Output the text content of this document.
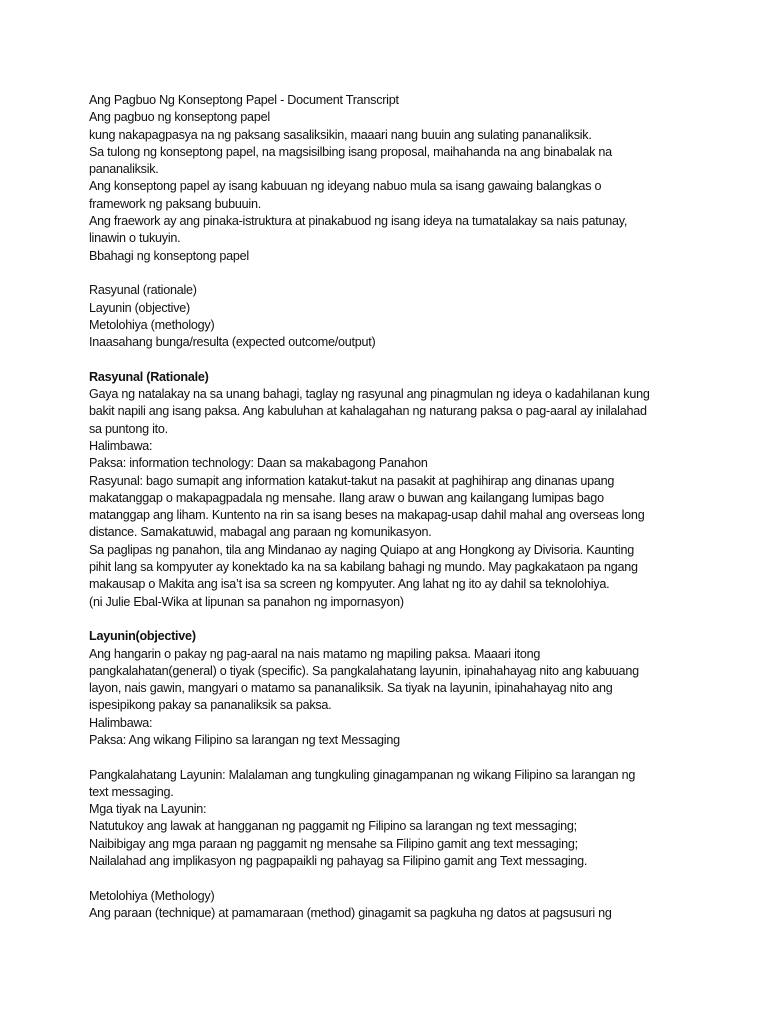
Ang Pagbuo Ng Konseptong Papel - Document Transcript

Ang pagbuo ng konseptong papel

kung nakapagpasya na ng paksang sasaliksikin, maaari nang buuin ang sulating pananaliksik.

Sa tulong ng konseptong papel, na magsisilbing isang proposal, maihahanda na ang binabalak na

pananaliksik.

Ang konseptong papel ay isang kabuuan ng ideyang nabuo mula sa isang gawaing balangkas o

framework ng paksang bubuuin.

Ang fraework ay ang pinaka-istruktura at pinakabuod ng isang ideya na tumatalakay sa nais patunay,

linawin o tukuyin.

Bbahagi ng konseptong papel

Rasyunal (rationale)

Layunin (objective)

Metolohiya (methology)

Inaasahang bunga/resulta (expected outcome/output)

Rasyunal (Rationale)

Gaya ng natalakay na sa unang bahagi, taglay ng rasyunal ang pinagmulan ng ideya o kadahilanan kung

bakit napili ang isang paksa. Ang kabuluhan at kahalagahan ng naturang paksa o pag-aaral ay inilalahad

sa puntong ito.

Halimbawa:

Paksa: information technology: Daan sa makabagong Panahon

Rasyunal: bago sumapit ang information katakut-takut na pasakit at paghihirap ang dinanas upang

makatanggap o makapagpadala ng mensahe. Ilang araw o buwan ang kailangang lumipas bago

matanggap ang liham. Kuntento na rin sa isang beses na makapag-usap dahil mahal ang overseas long

distance. Samakatuwid, mabagal ang paraan ng komunikasyon.

Sa paglipas ng panahon, tila ang Mindanao ay naging Quiapo at ang Hongkong ay Divisoria. Kaunting

pihit lang sa kompyuter ay konektado ka na sa kabilang bahagi ng mundo. May pagkakataon pa ngang

makausap o Makita ang isa’t isa sa screen ng kompyuter. Ang lahat ng ito ay dahil sa teknolohiya.

(ni Julie Ebal-Wika at lipunan sa panahon ng impornasyon)

Layunin(objective)

Ang hangarin o pakay ng pag-aaral na nais matamo ng mapiling paksa. Maaari itong

pangkalahatan(general) o tiyak (specific). Sa pangkalahatang layunin, ipinahahayag nito ang kabuuang

layon, nais gawin, mangyari o matamo sa pananaliksik. Sa tiyak na layunin, ipinahahayag nito ang

ispesipikong pakay sa pananaliksik sa paksa.

Halimbawa:

Paksa: Ang wikang Filipino sa larangan ng text Messaging

Pangkalahatang Layunin: Malalaman ang tungkuling ginagampanan ng wikang Filipino sa larangan ng

text messaging.

Mga tiyak na Layunin:

Natutukoy ang lawak at hangganan ng paggamit ng Filipino sa larangan ng text messaging;

Naibibigay ang mga paraan ng paggamit ng mensahe sa Filipino gamit ang text messaging;

Nailalahad ang implikasyon ng pagpapaikli ng pahayag sa Filipino gamit ang Text messaging.

Metolohiya (Methology)

Ang paraan (technique) at pamamaraan (method) ginagamit sa pagkuha ng datos at pagsusuri ng
